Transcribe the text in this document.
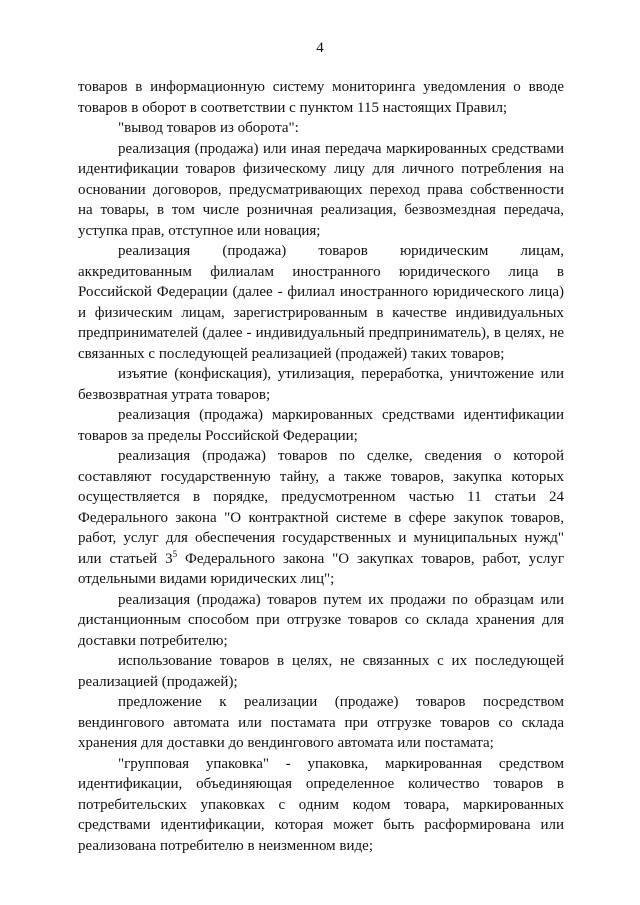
4

товаров в информационную систему мониторинга уведомления о вводе товаров в оборот в соответствии с пунктом 115 настоящих Правил;

"вывод товаров из оборота":

реализация (продажа) или иная передача маркированных средствами идентификации товаров физическому лицу для личного потребления на основании договоров, предусматривающих переход права собственности на товары, в том числе розничная реализация, безвозмездная передача, уступка прав, отступное или новация;

реализация (продажа) товаров юридическим лицам, аккредитованным филиалам иностранного юридического лица в Российской Федерации (далее - филиал иностранного юридического лица) и физическим лицам, зарегистрированным в качестве индивидуальных предпринимателей (далее - индивидуальный предприниматель), в целях, не связанных с последующей реализацией (продажей) таких товаров;

изъятие (конфискация), утилизация, переработка, уничтожение или безвозвратная утрата товаров;

реализация (продажа) маркированных средствами идентификации товаров за пределы Российской Федерации;

реализация (продажа) товаров по сделке, сведения о которой составляют государственную тайну, а также товаров, закупка которых осуществляется в порядке, предусмотренном частью 11 статьи 24 Федерального закона "О контрактной системе в сфере закупок товаров, работ, услуг для обеспечения государственных и муниципальных нужд" или статьей $3^5$ Федерального закона "О закупках товаров, работ, услуг отдельными видами юридических лиц";

реализация (продажа) товаров путем их продажи по образцам или дистанционным способом при отгрузке товаров со склада хранения для доставки потребителю;

использование товаров в целях, не связанных с их последующей реализацией (продажей);

предложение к реализации (продаже) товаров посредством вендингового автомата или постамата при отгрузке товаров со склада хранения для доставки до вендингового автомата или постамата;

"групповая упаковка" - упаковка, маркированная средством идентификации, объединяющая определенное количество товаров в потребительских упаковках с одним кодом товара, маркированных средствами идентификации, которая может быть расформирована или реализована потребителю в неизменном виде;
